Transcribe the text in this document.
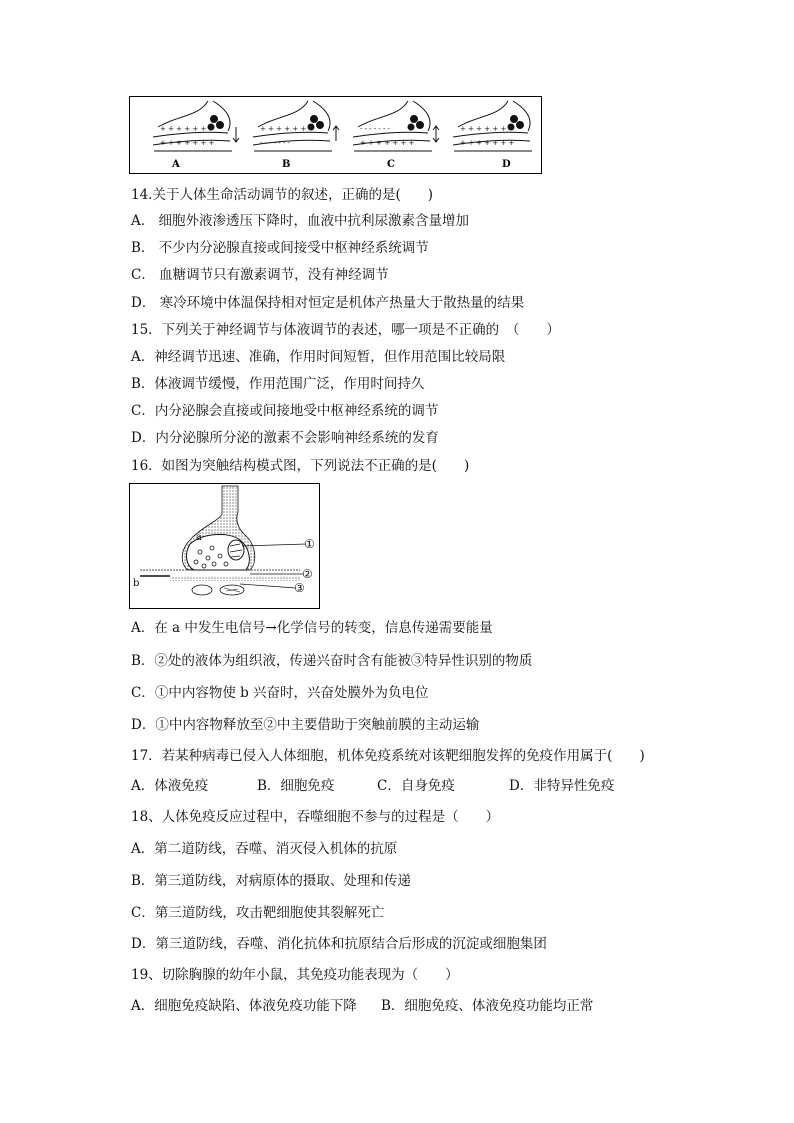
+ + + + + +
+ + + + + + +
+ + + + + +
- - - - - - -
- - - - - - -
+ + + + + + +
+ + + + + +
+ + + + + + +
A	B	C	D
14.关于人体生命活动调节的叙述，正确的是(　　)
A． 细胞外液渗透压下降时，血液中抗利尿激素含量增加
B． 不少内分泌腺直接或间接受中枢神经系统调节
C． 血糖调节只有激素调节，没有神经调节
D． 寒冷环境中体温保持相对恒定是机体产热量大于散热量的结果
15．下列关于神经调节与体液调节的表述，哪一项是不正确的　（　　）
A．神经调节迅速、准确，作用时间短暂，但作用范围比较局限
B．体液调节缓慢，作用范围广泛，作用时间持久
C．内分泌腺会直接或间接地受中枢神经系统的调节
D．内分泌腺所分泌的激素不会影响神经系统的发育
16．如图为突触结构模式图，下列说法不正确的是(　　)
①
②
③
a
b
A．在 a 中发生电信号→化学信号的转变，信息传递需要能量
B．②处的液体为组织液，传递兴奋时含有能被③特异性识别的物质
C．①中内容物使 b 兴奋时，兴奋处膜外为负电位
D．①中内容物释放至②中主要借助于突触前膜的主动运输
17．若某种病毒已侵入人体细胞，机体免疫系统对该靶细胞发挥的免疫作用属于(　　)
A．体液免疫	B．细胞免疫	C．自身免疫	D．非特异性免疫
18、人体免疫反应过程中，吞噬细胞不参与的过程是（　　）
A．第二道防线，吞噬、消灭侵入机体的抗原
B．第三道防线，对病原体的摄取、处理和传递
C．第三道防线，攻击靶细胞使其裂解死亡
D．第三道防线，吞噬、消化抗体和抗原结合后形成的沉淀或细胞集团
19、切除胸腺的幼年小鼠，其免疫功能表现为（　　）
A．细胞免疫缺陷、体液免疫功能下降 B．细胞免疫、体液免疫功能均正常
